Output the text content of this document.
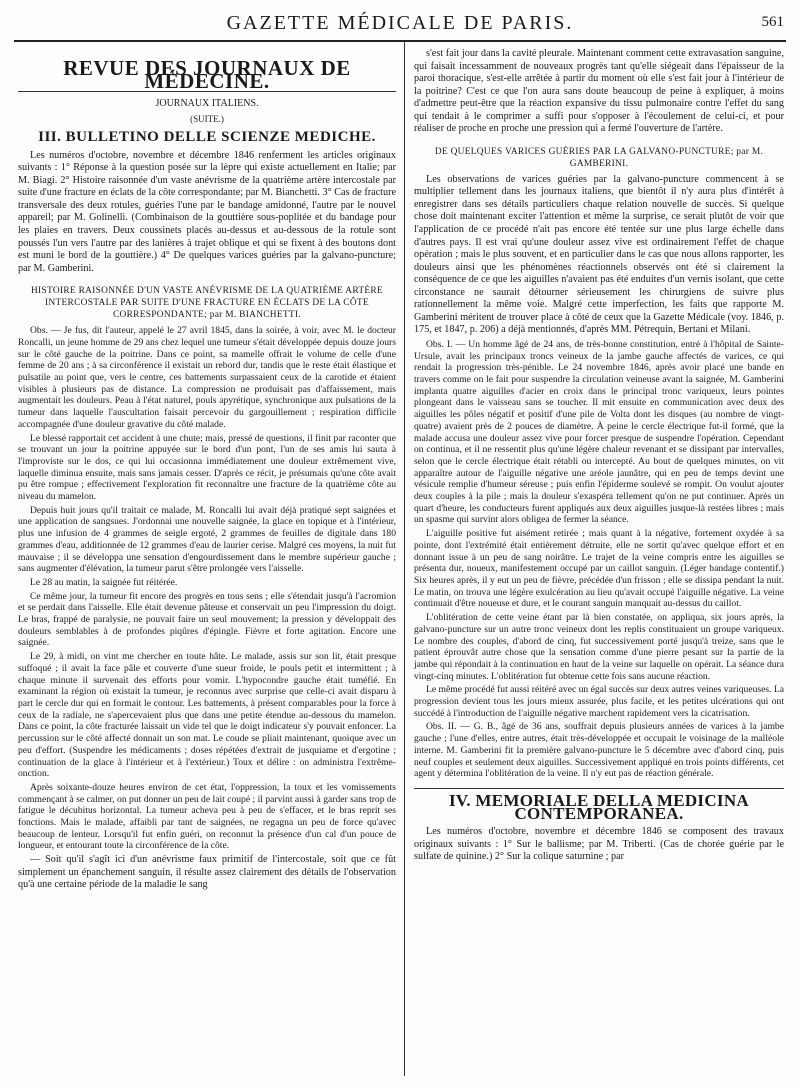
GAZETTE MÉDICALE DE PARIS.	561
REVUE DES JOURNAUX DE MÉDECINE.

JOURNAUX ITALIENS.

(SUITE.)

III. BULLETINO DELLE SCIENZE MEDICHE.

Les numéros d'octobre, novembre et décembre 1846 renferment les articles originaux suivants : 1° Réponse à la question posée sur la lèpre qui existe actuellement en Italie; par M. Biagi. 2° Histoire raisonnée d'un vaste anévrisme de la quatrième artère intercostale par suite d'une fracture en éclats de la côte correspondante; par M. Bianchetti. 3° Cas de fracture transversale des deux rotules, guéries l'une par le bandage amidonné, l'autre par le nouvel appareil; par M. Golinelli. (Combinaison de la gouttière sous-poplitée et du bandage pour les plaies en travers. Deux coussinets placés au-dessus et au-dessous de la rotule sont poussés l'un vers l'autre par des lanières à trajet oblique et qui se fixent à des boutons dont est muni le bord de la gouttière.) 4° De quelques varices guéries par la galvano-puncture; par M. Gamberini.

HISTOIRE RAISONNÉE D'UN VASTE ANÉVRISME DE LA QUATRIÈME ARTÈRE INTERCOSTALE PAR SUITE D'UNE FRACTURE EN ÉCLATS DE LA CÔTE CORRESPONDANTE; par M. BIANCHETTI.

Obs. — Je fus, dit l'auteur, appelé le 27 avril 1845, dans la soirée, à voir, avec M. le docteur Roncalli, un jeune homme de 29 ans chez lequel une tumeur s'était développée depuis douze jours sur le côté gauche de la poitrine. Dans ce point, sa mamelle offrait le volume de celle d'une femme de 20 ans ; à sa circonférence il existait un rebord dur, tandis que le reste était élastique et pulsatile au point que, vers le centre, ces battements surpassaient ceux de la carotide et étaient visibles à plusieurs pas de distance. La compression ne produisait pas d'affaissement, mais augmentait les douleurs. Peau à l'état naturel, pouls apyrétique, synchronique aux pulsations de la tumeur dans laquelle l'auscultation faisait percevoir du gargouillement ; respiration difficile accompagnée d'une douleur gravative du côté malade.

Le blessé rapportait cet accident à une chute; mais, pressé de questions, il finit par raconter que se trouvant un jour la poitrine appuyée sur le bord d'un pont, l'un de ses amis lui sauta à l'improviste sur le dos, ce qui lui occasionna immédiatement une douleur extrêmement vive, laquelle diminua ensuite, mais sans jamais cesser. D'après ce récit, je présumais qu'une côte avait pu être rompue ; effectivement l'exploration fit reconnaître une fracture de la quatrième côte au niveau du mamelon.

Depuis huit jours qu'il traitait ce malade, M. Roncalli lui avait déjà pratiqué sept saignées et une application de sangsues. J'ordonnai une nouvelle saignée, la glace en topique et à l'intérieur, plus une infusion de 4 grammes de seigle ergoté, 2 grammes de feuilles de digitale dans 180 grammes d'eau, additionnée de 12 grammes d'eau de laurier cerise. Malgré ces moyens, la nuit fut mauvaise ; il se développa une sensation d'engourdissement dans le membre supérieur gauche ; sans augmenter d'élévation, la tumeur parut s'être prolongée vers l'aisselle.

Le 28 au matin, la saignée fut réitérée.

Ce même jour, la tumeur fit encore des progrès en tous sens ; elle s'étendait jusqu'à l'acromion et se perdait dans l'aisselle. Elle était devenue pâteuse et conservait un peu l'impression du doigt. Le bras, frappé de paralysie, ne pouvait faire un seul mouvement; la pression y développait des douleurs semblables à de profondes piqûres d'épingle. Fièvre et forte agitation. Encore une saignée.

Le 29, à midi, on vint me chercher en toute hâte. Le malade, assis sur son lit, était presque suffoqué ; il avait la face pâle et couverte d'une sueur froide, le pouls petit et intermittent ; à chaque minute il survenait des efforts pour vomir. L'hypocondre gauche était tuméfié. En examinant la région où existait la tumeur, je reconnus avec surprise que celle-ci avait disparu à part le cercle dur qui en formait le contour. Les battements, à présent comparables pour la force à ceux de la radiale, ne s'apercevaient plus que dans une petite étendue au-dessous du mamelon. Dans ce point, la côte fracturée laissait un vide tel que le doigt indicateur s'y pouvait enfoncer. La percussion sur le côté affecté donnait un son mat. Le coude se pliait maintenant, quoique avec un peu d'effort. (Suspendre les médicaments ; doses répétées d'extrait de jusquiame et d'ergotine ; continuation de la glace à l'intérieur et à l'extérieur.) Toux et délire : on administra l'extrême-onction.

Après soixante-douze heures environ de cet état, l'oppression, la toux et les vomissements commençant à se calmer, on put donner un peu de lait coupé ; il parvint aussi à garder sans trop de fatigue le décubitus horizontal. La tumeur acheva peu à peu de s'effacer, et le bras reprit ses fonctions. Mais le malade, affaibli par tant de saignées, ne regagna un peu de force qu'avec beaucoup de lenteur. Lorsqu'il fut enfin guéri, on reconnut la présence d'un cal d'un pouce de longueur, et entourant toute la circonférence de la côte.

— Soit qu'il s'agît ici d'un anévrisme faux primitif de l'intercostale, soit que ce fût simplement un épanchement sanguin, il résulte assez clairement des détails de l'observation qu'à une certaine période de la maladie le sang

s'est fait jour dans la cavité pleurale. Maintenant comment cette extravasation sanguine, qui faisait incessamment de nouveaux progrès tant qu'elle siégeait dans l'épaisseur de la paroi thoracique, s'est-elle arrêtée à partir du moment où elle s'est fait jour à l'intérieur de la poitrine? C'est ce que l'on aura sans doute beaucoup de peine à expliquer, à moins d'admettre peut-être que la réaction expansive du tissu pulmonaire contre l'effet du sang qui tendait à le comprimer a suffi pour s'opposer à l'écoulement de celui-ci, et pour réaliser de proche en proche une pression qui a fermé l'ouverture de l'artère.

DE QUELQUES VARICES GUÉRIES PAR LA GALVANO-PUNCTURE; par M. GAMBERINI.

Les observations de varices guéries par la galvano-puncture commencent à se multiplier tellement dans les journaux italiens, que bientôt il n'y aura plus d'intérêt à enregistrer dans ses détails particuliers chaque relation nouvelle de succès. Si quelque chose doit maintenant exciter l'attention et même la surprise, ce serait plutôt de voir que l'application de ce procédé n'ait pas encore été tentée sur une plus large échelle dans d'autres pays. Il est vrai qu'une douleur assez vive est ordinairement l'effet de chaque opération ; mais le plus souvent, et en particulier dans le cas que nous allons rapporter, les douleurs ainsi que les phénomènes réactionnels observés ont été si clairement la conséquence de ce que les aiguilles n'avaient pas été enduites d'un vernis isolant, que cette circonstance ne saurait détourner sérieusement les chirurgiens de suivre plus rationnellement la même voie. Malgré cette imperfection, les faits que rapporte M. Gamberini méritent de trouver place à côté de ceux que la Gazette Médicale (voy. 1846, p. 175, et 1847, p. 206) a déjà mentionnés, d'après MM. Pétrequin, Bertani et Milani.

Obs. I. — Un homme âgé de 24 ans, de très-bonne constitution, entré à l'hôpital de Sainte-Ursule, avait les principaux troncs veineux de la jambe gauche affectés de varices, ce qui rendait la progression très-pénible. Le 24 novembre 1846, après avoir placé une bande en travers comme on le fait pour suspendre la circulation veineuse avant la saignée, M. Gamberini implanta quatre aiguilles d'acier en croix dans le principal tronc variqueux, leurs pointes plongeant dans le vaisseau sans se toucher. Il mit ensuite en communication avec deux des aiguilles les pôles négatif et positif d'une pile de Volta dont les disques (au nombre de vingt-quatre) avaient près de 2 pouces de diamètre. À peine le cercle électrique fut-il formé, que la malade accusa une douleur assez vive pour forcer presque de suspendre l'opération. Cependant on continua, et il ne ressentit plus qu'une légère chaleur revenant et se dissipant par intervalles, selon que le cercle électrique était rétabli ou intercepté. Au bout de quelques minutes, on vit apparaître autour de l'aiguille négative une aréole jaunâtre, qui en peu de temps devint une vésicule remplie d'humeur séreuse ; puis enfin l'épiderme soulevé se rompit. On voulut ajouter deux couples à la pile ; mais la douleur s'exaspéra tellement qu'on ne put continuer. Après un quart d'heure, les conducteurs furent appliqués aux deux aiguilles jusque-là restées libres ; mais un spasme qui survint alors obligea de fermer la séance.

L'aiguille positive fut aisément retirée ; mais quant à la négative, fortement oxydée à sa pointe, dont l'extrémité était entièrement détruite, elle ne sortit qu'avec quelque effort et en donnant issue à un peu de sang noirâtre. Le trajet de la veine compris entre les aiguilles se présenta dur, noueux, manifestement occupé par un caillot sanguin. (Léger bandage contentif.) Six heures après, il y eut un peu de fièvre, précédée d'un frisson ; elle se dissipa pendant la nuit. Le matin, on trouva une légère exulcération au lieu qu'avait occupé l'aiguille négative. La veine continuait d'être noueuse et dure, et le courant sanguin manquait au-dessus du caillot.

L'oblitération de cette veine étant par là bien constatée, on appliqua, six jours après, la galvano-puncture sur un autre tronc veineux dont les replis constituaient un groupe variqueux. Le nombre des couples, d'abord de cinq, fut successivement porté jusqu'à treize, sans que le patient éprouvât autre chose que la sensation comme d'une pierre pesant sur la partie de la jambe qui répondait à la continuation en haut de la veine sur laquelle on opérait. La séance dura vingt-cinq minutes. L'oblitération fut obtenue cette fois sans aucune réaction.

Le même procédé fut aussi réitéré avec un égal succès sur deux autres veines variqueuses. La progression devient tous les jours mieux assurée, plus facile, et les petites ulcérations qui ont succédé à l'introduction de l'aiguille négative marchent rapidement vers la cicatrisation.

Obs. II. — G. B., âgé de 36 ans, souffrait depuis plusieurs années de varices à la jambe gauche ; l'une d'elles, entre autres, était très-développée et occupait le voisinage de la malléole interne. M. Gamberini fit la première galvano-puncture le 5 décembre avec d'abord cinq, puis neuf couples et seulement deux aiguilles. Successivement appliqué en trois points différents, cet agent y détermina l'oblitération de la veine. Il n'y eut pas de réaction générale.

IV. MEMORIALE DELLA MEDICINA CONTEMPORANEA.

Les numéros d'octobre, novembre et décembre 1846 se composent des travaux originaux suivants : 1° Sur le ballisme; par M. Triberti. (Cas de chorée guérie par le sulfate de quinine.) 2° Sur la colique saturnine ; par
